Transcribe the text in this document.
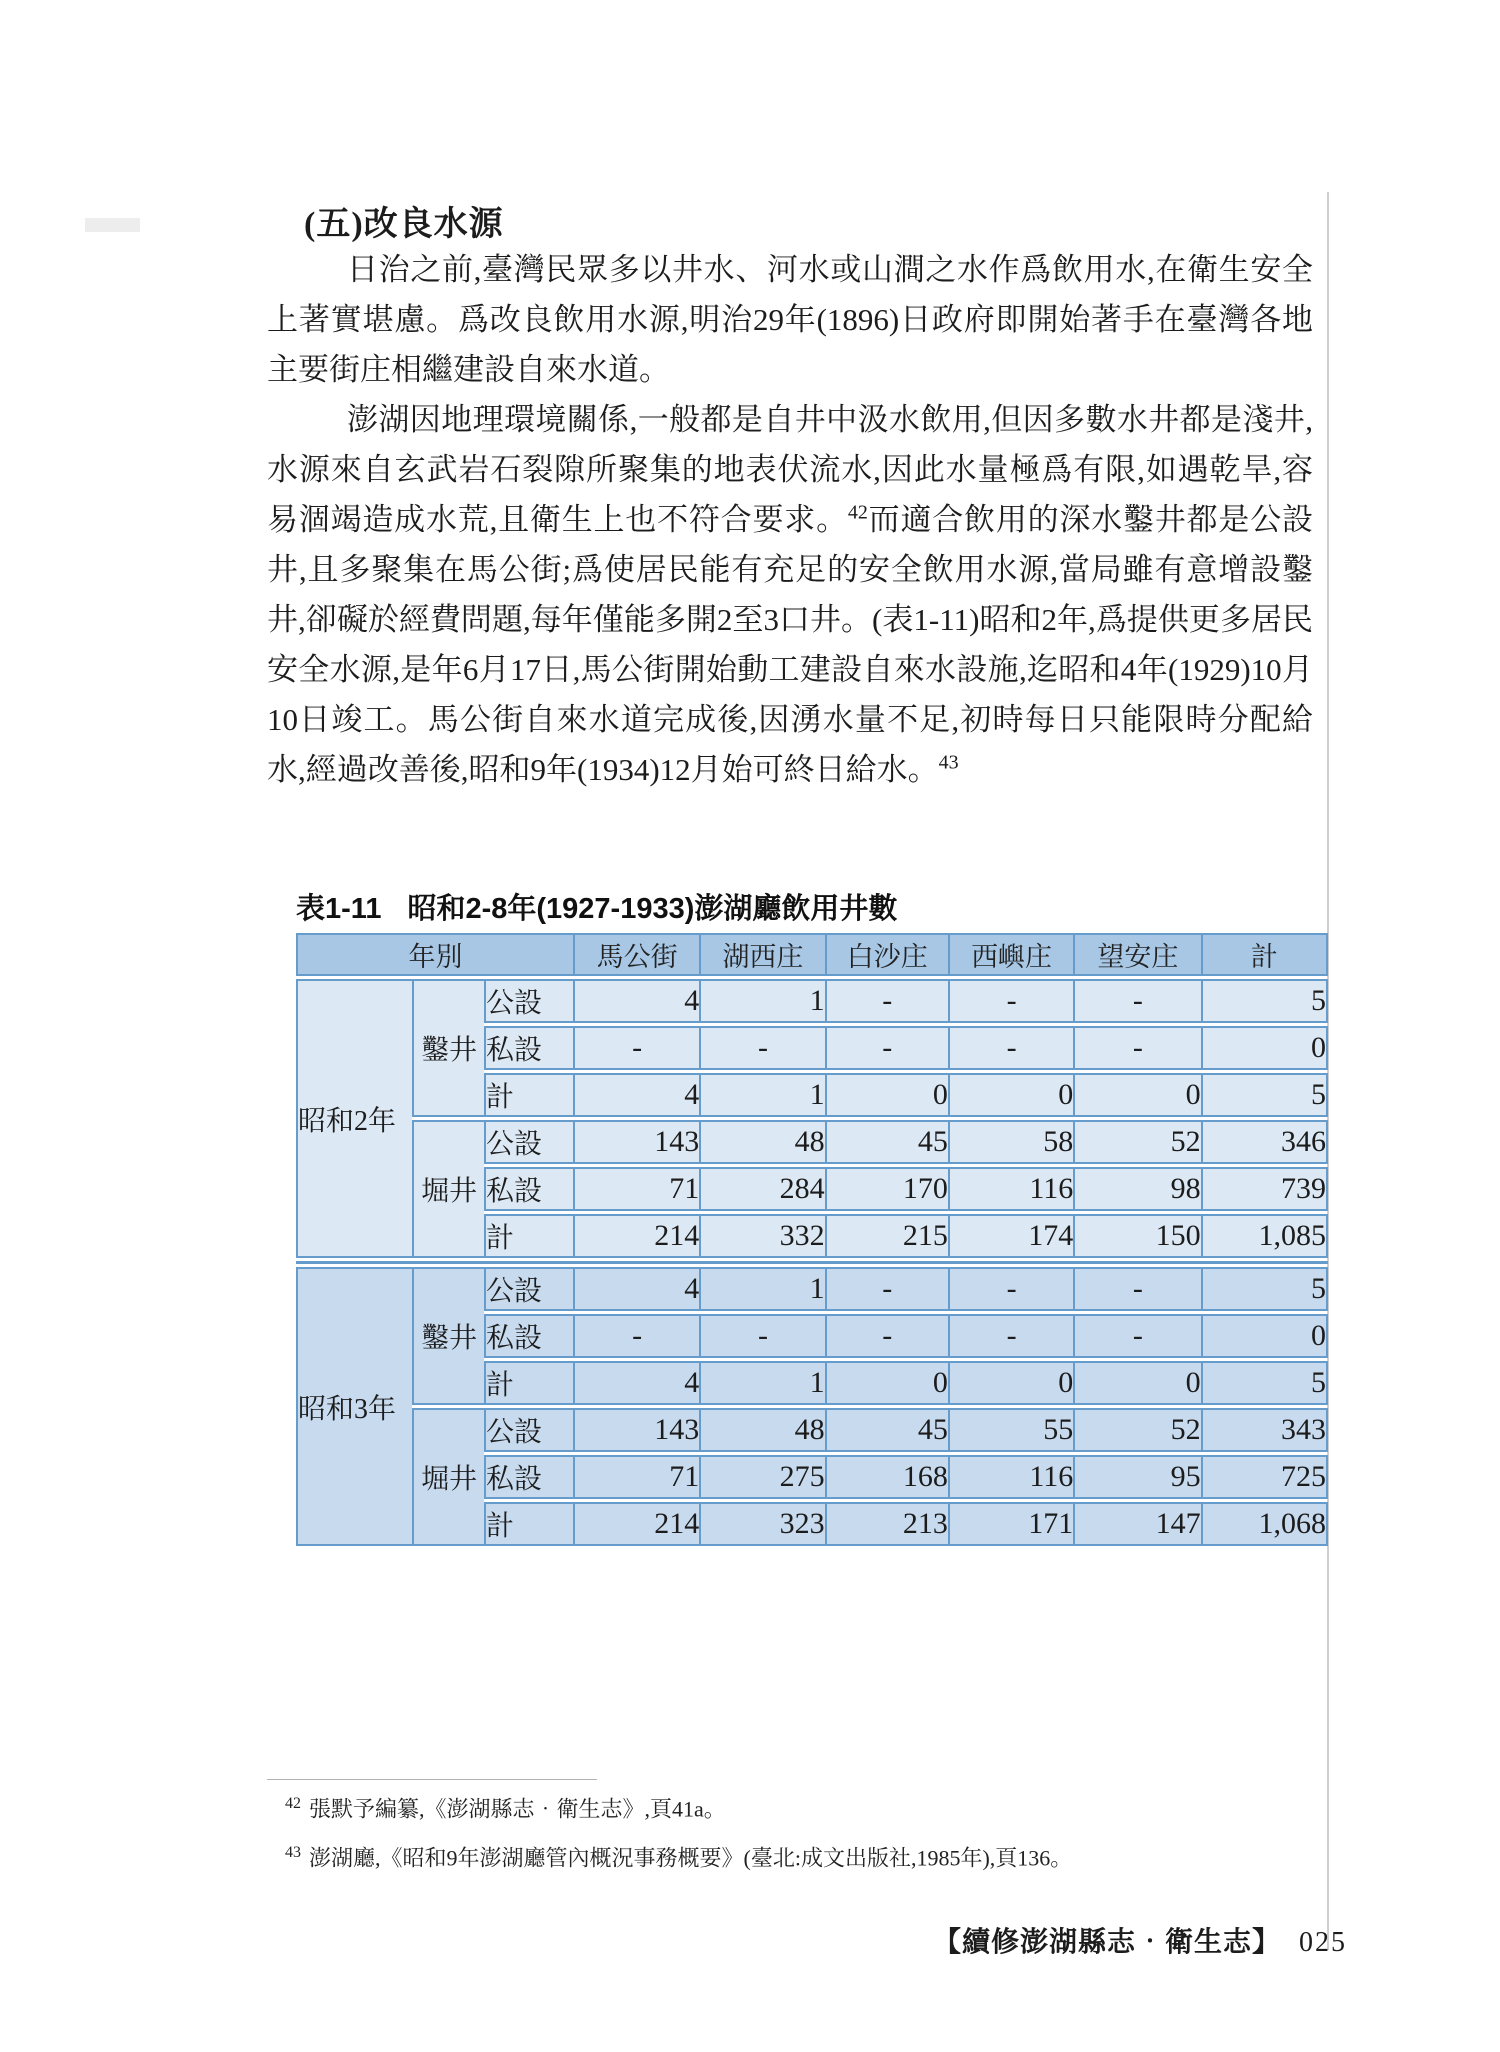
(五)改良水源

日治之前,臺灣民眾多以井水、河水或山澗之水作爲飲用水,在衛生安全上著實堪慮。爲改良飲用水源,明治29年(1896)日政府即開始著手在臺灣各地主要街庄相繼建設自來水道。

澎湖因地理環境關係,一般都是自井中汲水飲用,但因多數水井都是淺井,水源來自玄武岩石裂隙所聚集的地表伏流水,因此水量極爲有限,如遇乾旱,容易涸竭造成水荒,且衛生上也不符合要求。$^{42}$而適合飲用的深水鑿井都是公設井,且多聚集在馬公街;爲使居民能有充足的安全飲用水源,當局雖有意增設鑿井,卻礙於經費問題,每年僅能多開2至3口井。(表1-11)昭和2年,爲提供更多居民安全水源,是年6月17日,馬公街開始動工建設自來水設施,迄昭和4年(1929)10月10日竣工。馬公街自來水道完成後,因湧水量不足,初時每日只能限時分配給水,經過改善後,昭和9年(1934)12月始可終日給水。$^{43}$

表1-11 昭和2-8年(1927-1933)澎湖廳飲用井數
年別			馬公街	湖西庄	白沙庄	西嶼庄	望安庄	計
昭和2年	鑿井	公設	4	1	-	-	-	5
		私設	-	-	-	-	-	0
		計	4	1	0	0	0	5
	堀井	公設	143	48	45	58	52	346
		私設	71	284	170	116	98	739
		計	214	332	215	174	150	1,085

昭和3年	鑿井	公設	4	1	-	-	-	5
		私設	-	-	-	-	-	0
		計	4	1	0	0	0	5
	堀井	公設	143	48	45	55	52	343
		私設	71	275	168	116	95	725
		計	214	323	213	171	147	1,068
$^{42}$ 張默予編纂,《澎湖縣志‧衛生志》,頁41a。
$^{43}$ 澎湖廳,《昭和9年澎湖廳管內概況事務概要》(臺北:成文出版社,1985年),頁136。
【續修澎湖縣志‧衛生志】 025
